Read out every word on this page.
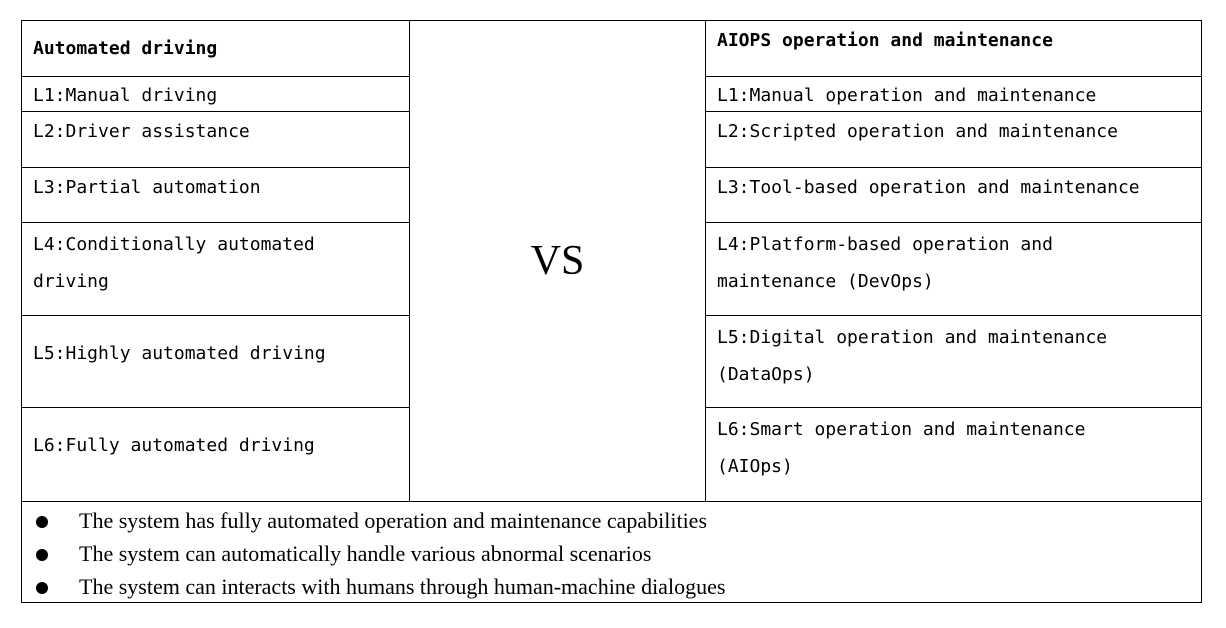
Automated driving
L1:Manual driving
L2:Driver assistance
L3:Partial automation
L4:Conditionally automated driving
L5:Highly automated driving
L6:Fully automated driving
VS
AIOPS operation and maintenance
L1:Manual operation and maintenance
L2:Scripted operation and maintenance
L3:Tool-based operation and maintenance
L4:Platform-based operation and maintenance (DevOps)
L5:Digital operation and maintenance (DataOps)
L6:Smart operation and maintenance (AIOps)
The system has fully automated operation and maintenance capabilities
The system can automatically handle various abnormal scenarios
The system can interacts with humans through human-machine dialogues
